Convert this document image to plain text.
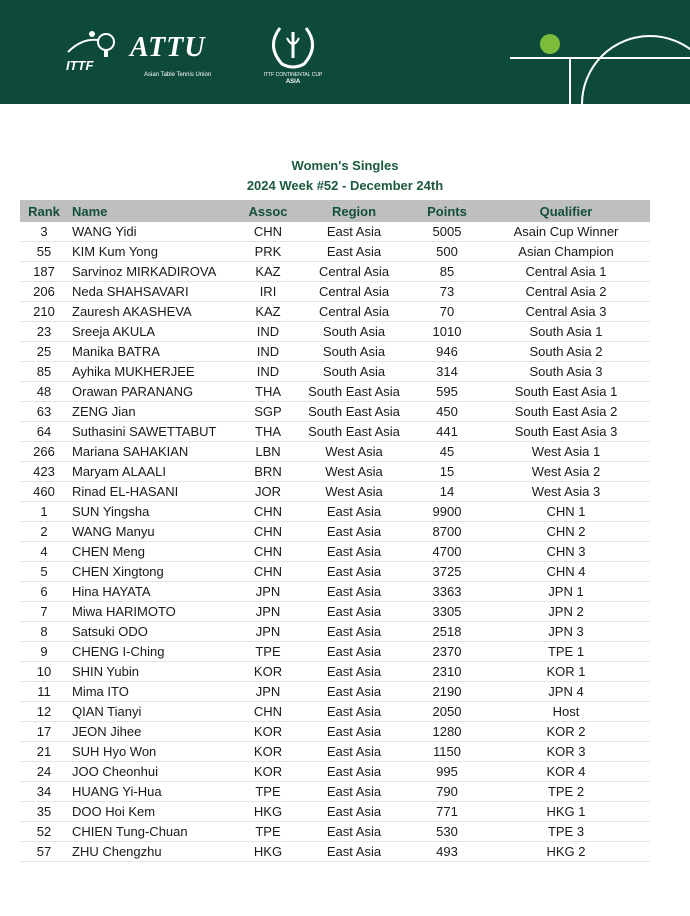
ITTF
ATTU
Asian Table Tennis Union	ITTF CONTINENTAL CUP
ASIA
Women's Singles
2024 Week #52 - December 24th
Rank	Name	Assoc	Region	Points	Qualifier
3	WANG Yidi	CHN	East Asia	5005	Asain Cup Winner
55	KIM Kum Yong	PRK	East Asia	500	Asian Champion
187	Sarvinoz MIRKADIROVA	KAZ	Central Asia	85	Central Asia 1
206	Neda SHAHSAVARI	IRI	Central Asia	73	Central Asia 2
210	Zauresh AKASHEVA	KAZ	Central Asia	70	Central Asia 3
23	Sreeja AKULA	IND	South Asia	1010	South Asia 1
25	Manika BATRA	IND	South Asia	946	South Asia 2
85	Ayhika MUKHERJEE	IND	South Asia	314	South Asia 3
48	Orawan PARANANG	THA	South East Asia	595	South East Asia 1
63	ZENG Jian	SGP	South East Asia	450	South East Asia 2
64	Suthasini SAWETTABUT	THA	South East Asia	441	South East Asia 3
266	Mariana SAHAKIAN	LBN	West Asia	45	West Asia 1
423	Maryam ALAALI	BRN	West Asia	15	West Asia 2
460	Rinad EL-HASANI	JOR	West Asia	14	West Asia 3
1	SUN Yingsha	CHN	East Asia	9900	CHN 1
2	WANG Manyu	CHN	East Asia	8700	CHN 2
4	CHEN Meng	CHN	East Asia	4700	CHN 3
5	CHEN Xingtong	CHN	East Asia	3725	CHN 4
6	Hina HAYATA	JPN	East Asia	3363	JPN 1
7	Miwa HARIMOTO	JPN	East Asia	3305	JPN 2
8	Satsuki ODO	JPN	East Asia	2518	JPN 3
9	CHENG I-Ching	TPE	East Asia	2370	TPE 1
10	SHIN Yubin	KOR	East Asia	2310	KOR 1
11	Mima ITO	JPN	East Asia	2190	JPN 4
12	QIAN Tianyi	CHN	East Asia	2050	Host
17	JEON Jihee	KOR	East Asia	1280	KOR 2
21	SUH Hyo Won	KOR	East Asia	1150	KOR 3
24	JOO Cheonhui	KOR	East Asia	995	KOR 4
34	HUANG Yi-Hua	TPE	East Asia	790	TPE 2
35	DOO Hoi Kem	HKG	East Asia	771	HKG 1
52	CHIEN Tung-Chuan	TPE	East Asia	530	TPE 3
57	ZHU Chengzhu	HKG	East Asia	493	HKG 2
